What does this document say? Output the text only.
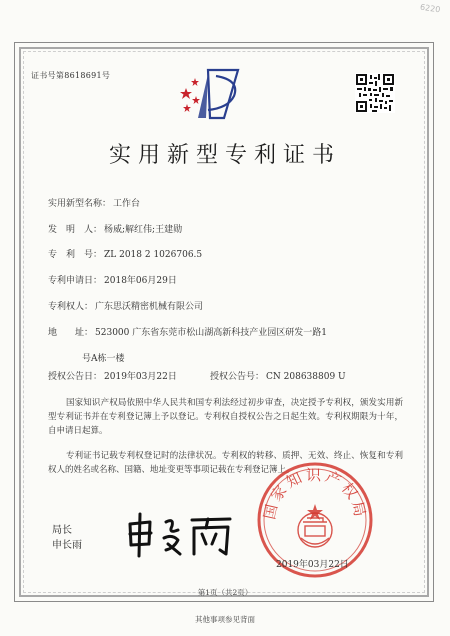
6220
证书号第8618691号
实用新型专利证书
实用新型名称： 工作台
发　明　人： 杨威;解红伟;王建勋
专　利　号： ZL 2018 2 1026706.5
专利申请日： 2018年06月29日
专利权人： 广东思沃精密机械有限公司
地　　址： 523000 广东省东莞市松山湖高新科技产业园区研发一路1
号A栋一楼
授权公告日： 2019年03月22日	授权公告号： CN 208638809 U
国家知识产权局依照中华人民共和国专利法经过初步审查，决定授予专利权，颁发实用新型专利证书并在专利登记簿上予以登记。专利权自授权公告之日起生效。专利权期限为十年，自申请日起算。
专利证书记载专利权登记时的法律状况。专利权的转移、质押、无效、终止、恢复和专利权人的姓名或名称、国籍、地址变更等事项记载在专利登记簿上。
局长
申长雨
国家知识产权局
2019年03月22日
第1页（共2页）
其他事项参见背面
